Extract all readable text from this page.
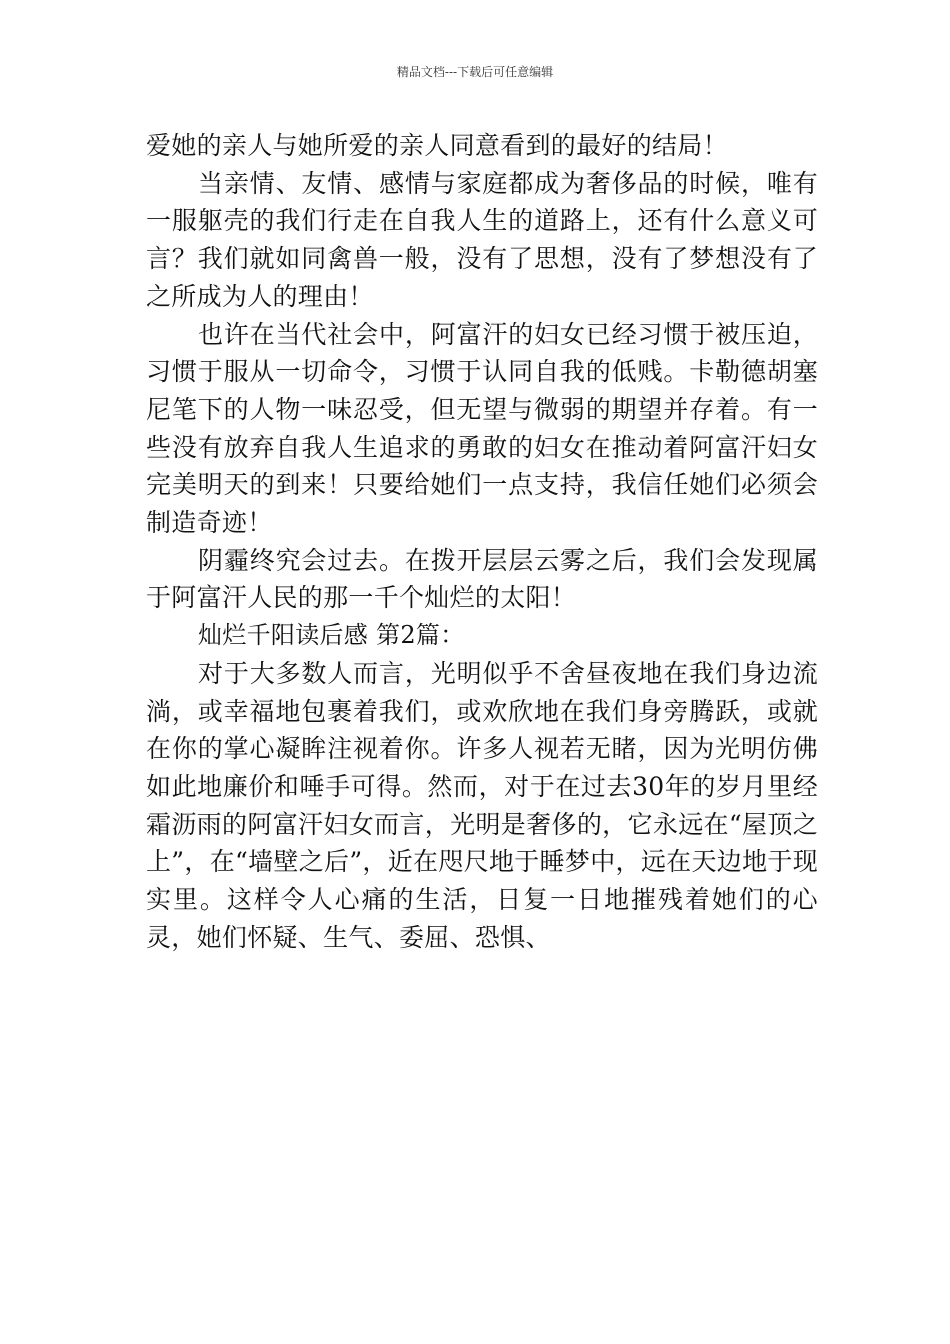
精品文档---下载后可任意编辑

爱她的亲人与她所爱的亲人同意看到的最好的结局！

当亲情、友情、感情与家庭都成为奢侈品的时候，唯有一服躯壳的我们行走在自我人生的道路上，还有什么意义可言？我们就如同禽兽一般，没有了思想，没有了梦想没有了之所成为人的理由！

也许在当代社会中，阿富汗的妇女已经习惯于被压迫，习惯于服从一切命令，习惯于认同自我的低贱。卡勒德胡塞尼笔下的人物一味忍受，但无望与微弱的期望并存着。有一些没有放弃自我人生追求的勇敢的妇女在推动着阿富汗妇女完美明天的到来！只要给她们一点支持，我信任她们必须会制造奇迹！

阴霾终究会过去。在拨开层层云雾之后，我们会发现属于阿富汗人民的那一千个灿烂的太阳！

灿烂千阳读后感 第2篇：

对于大多数人而言，光明似乎不舍昼夜地在我们身边流淌，或幸福地包裹着我们，或欢欣地在我们身旁腾跃，或就在你的掌心凝眸注视着你。许多人视若无睹，因为光明仿佛如此地廉价和唾手可得。然而，对于在过去30年的岁月里经霜沥雨的阿富汗妇女而言，光明是奢侈的，它永远在“屋顶之上”，在“墙壁之后”，近在咫尺地于睡梦中，远在天边地于现实里。这样令人心痛的生活，日复一日地摧残着她们的心灵，她们怀疑、生气、委屈、恐惧、
